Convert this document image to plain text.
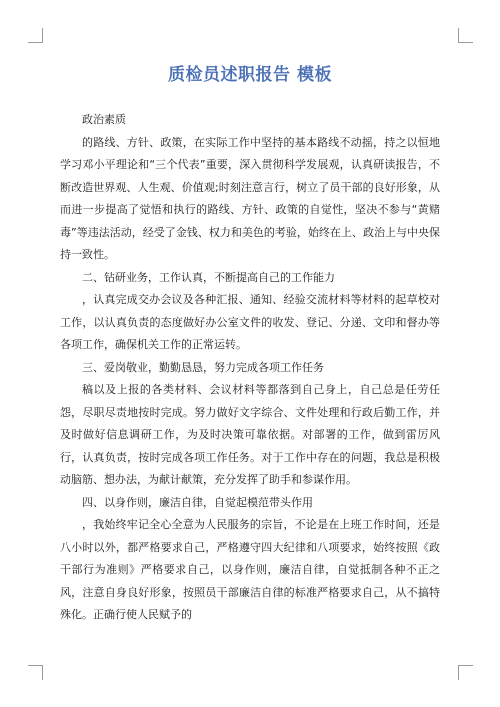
质检员述职报告 模板

政治素质

的路线、方针、政策，在实际工作中坚持的基本路线不动摇，持之以恒地学习邓小平理论和“三个代表”重要，深入贯彻科学发展观，认真研读报告，不断改造世界观、人生观、价值观;时刻注意言行，树立了员干部的良好形象，从而进一步提高了觉悟和执行的路线、方针、政策的自觉性，坚决不参与“黄赌毒”等违法活动，经受了金钱、权力和美色的考验，始终在上、政治上与中央保持一致性。

二、钻研业务，工作认真，不断提高自己的工作能力

，认真完成交办会议及各种汇报、通知、经验交流材料等材料的起草校对工作，以认真负责的态度做好办公室文件的收发、登记、分递、文印和督办等各项工作，确保机关工作的正常运转。

三、爱岗敬业，勤勤恳恳，努力完成各项工作任务

稿以及上报的各类材料、会议材料等都落到自己身上，自己总是任劳任怨，尽职尽责地按时完成。努力做好文字综合、文件处理和行政后勤工作，并及时做好信息调研工作，为及时决策可靠依据。对部署的工作，做到雷厉风行，认真负责，按时完成各项工作任务。对于工作中存在的问题，我总是积极动脑筋、想办法，为献计献策，充分发挥了助手和参谋作用。

四、以身作则，廉洁自律，自觉起模范带头作用

，我始终牢记全心全意为人民服务的宗旨，不论是在上班工作时间，还是八小时以外，都严格要求自己，严格遵守四大纪律和八项要求，始终按照《政干部行为准则》严格要求自己，以身作则，廉洁自律，自觉抵制各种不正之风，注意自身良好形象，按照员干部廉洁自律的标准严格要求自己，从不搞特殊化。正确行使人民赋予的
